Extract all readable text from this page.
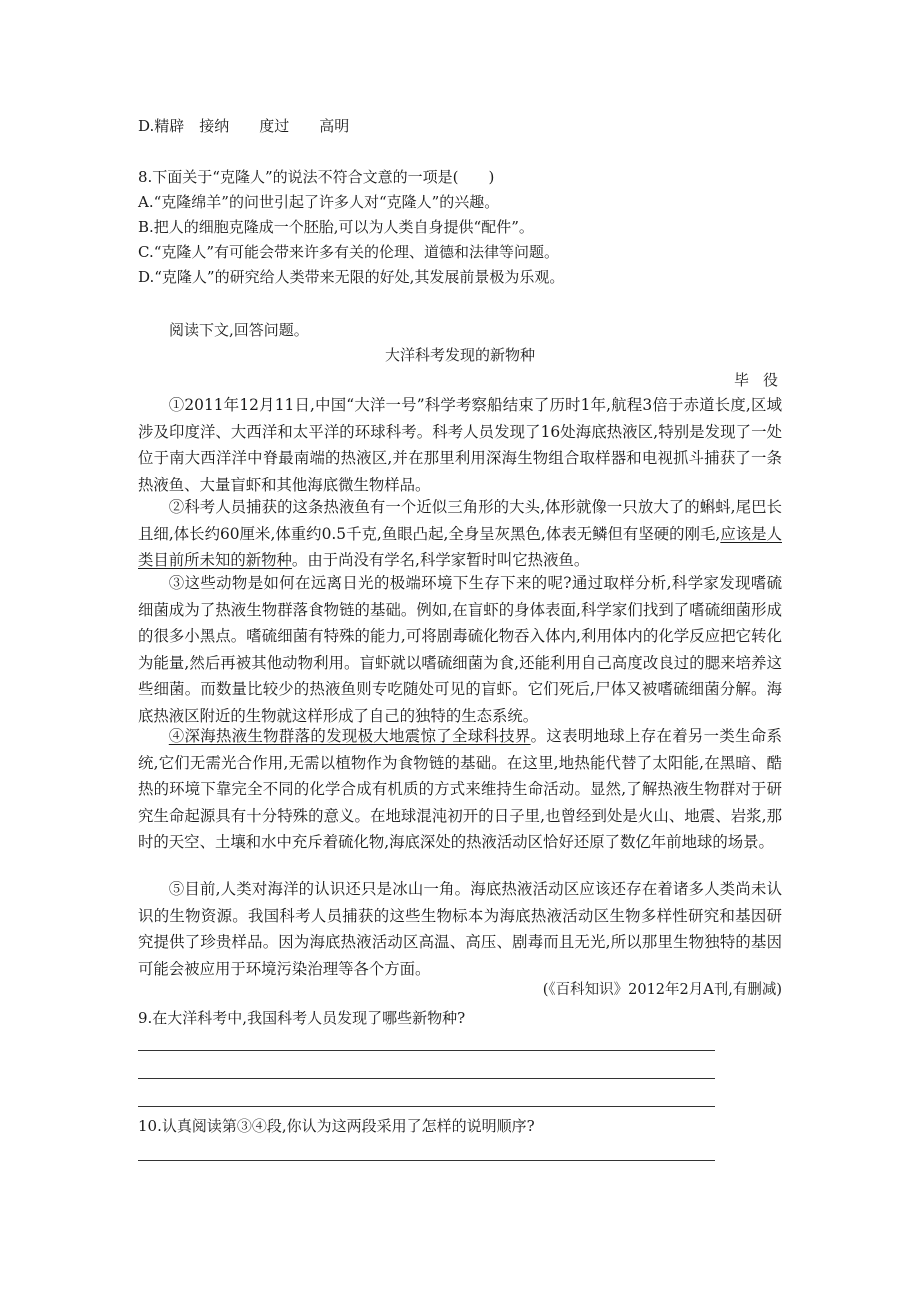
D.精辟　接纳　　度过　　高明
8.下面关于“克隆人”的说法不符合文意的一项是(　　)
A.“克隆绵羊”的问世引起了许多人对“克隆人”的兴趣。
B.把人的细胞克隆成一个胚胎,可以为人类自身提供“配件”。
C.“克隆人”有可能会带来许多有关的伦理、道德和法律等问题。
D.“克隆人”的研究给人类带来无限的好处,其发展前景极为乐观。
阅读下文,回答问题。
大洋科考发现的新物种
毕役
①2011年12月11日,中国“大洋一号”科学考察船结束了历时1年,航程3倍于赤道长度,区域涉及印度洋、大西洋和太平洋的环球科考。科考人员发现了16处海底热液区,特别是发现了一处位于南大西洋洋中脊最南端的热液区,并在那里利用深海生物组合取样器和电视抓斗捕获了一条热液鱼、大量盲虾和其他海底微生物样品。
②科考人员捕获的这条热液鱼有一个近似三角形的大头,体形就像一只放大了的蝌蚪,尾巴长且细,体长约60厘米,体重约0.5千克,鱼眼凸起,全身呈灰黑色,体表无鳞但有坚硬的刚毛,应该是人类目前所未知的新物种。由于尚没有学名,科学家暂时叫它热液鱼。
③这些动物是如何在远离日光的极端环境下生存下来的呢?通过取样分析,科学家发现嗜硫细菌成为了热液生物群落食物链的基础。例如,在盲虾的身体表面,科学家们找到了嗜硫细菌形成的很多小黑点。嗜硫细菌有特殊的能力,可将剧毒硫化物吞入体内,利用体内的化学反应把它转化为能量,然后再被其他动物利用。盲虾就以嗜硫细菌为食,还能利用自己高度改良过的腮来培养这些细菌。而数量比较少的热液鱼则专吃随处可见的盲虾。它们死后,尸体又被嗜硫细菌分解。海底热液区附近的生物就这样形成了自己的独特的生态系统。
④深海热液生物群落的发现极大地震惊了全球科技界。这表明地球上存在着另一类生命系统,它们无需光合作用,无需以植物作为食物链的基础。在这里,地热能代替了太阳能,在黑暗、酷热的环境下靠完全不同的化学合成有机质的方式来维持生命活动。显然,了解热液生物群对于研究生命起源具有十分特殊的意义。在地球混沌初开的日子里,也曾经到处是火山、地震、岩浆,那时的天空、土壤和水中充斥着硫化物,海底深处的热液活动区恰好还原了数亿年前地球的场景。
⑤目前,人类对海洋的认识还只是冰山一角。海底热液活动区应该还存在着诸多人类尚未认识的生物资源。我国科考人员捕获的这些生物标本为海底热液活动区生物多样性研究和基因研究提供了珍贵样品。因为海底热液活动区高温、高压、剧毒而且无光,所以那里生物独特的基因可能会被应用于环境污染治理等各个方面。
(《百科知识》2012年2月A刊,有删减)
9.在大洋科考中,我国科考人员发现了哪些新物种?
10.认真阅读第③④段,你认为这两段采用了怎样的说明顺序?
